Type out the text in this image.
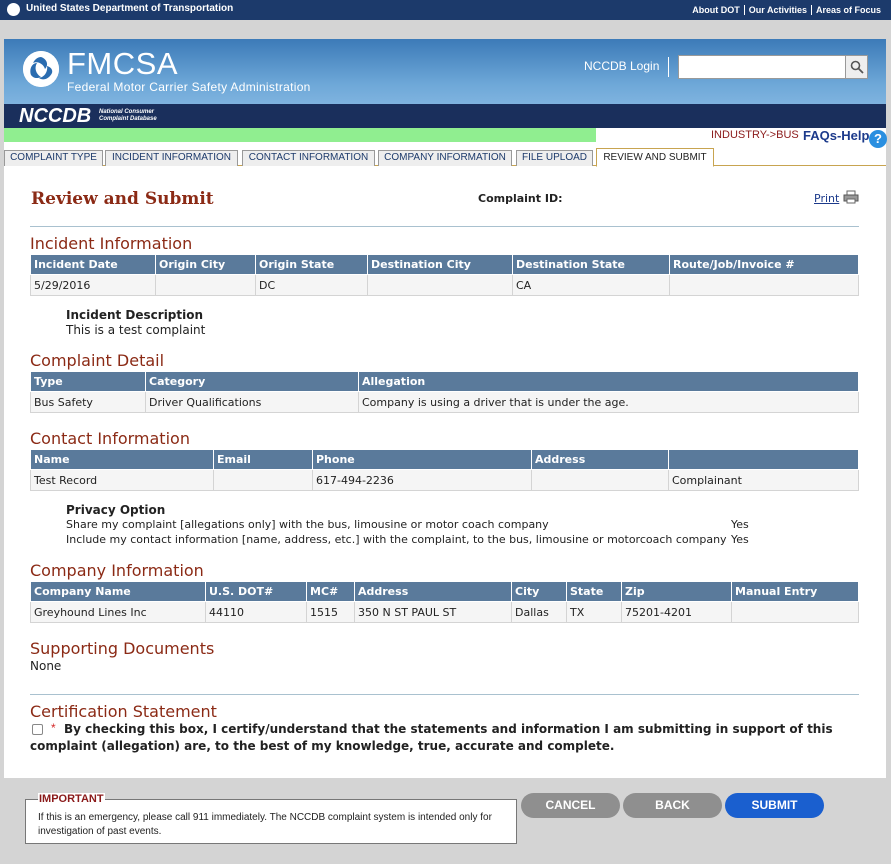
United States Department of Transportation	About DOT Our Activities Areas of Focus
FMCSA
Federal Motor Carrier Safety Administration
NCCDB Login
NCCDB National Consumer
Complaint Database
INDUSTRY->BUS FAQs-Help ?
COMPLAINT TYPE	INCIDENT INFORMATION	CONTACT INFORMATION	COMPANY INFORMATION	FILE UPLOAD	REVIEW AND SUBMIT
Review and Submit	Complaint ID:	Print
Incident Information
Incident Date	Origin City	Origin State	Destination City	Destination State	Route/Job/Invoice #
5/29/2016		DC		CA	
Incident Description
This is a test complaint
Complaint Detail
Type	Category	Allegation
Bus Safety	Driver Qualifications	Company is using a driver that is under the age.
Contact Information
Name	Email	Phone	Address	
Test Record		617-494-2236		Complainant
Privacy Option
Share my complaint [allegations only] with the bus, limousine or motor coach company	Yes
Include my contact information [name, address, etc.] with the complaint, to the bus, limousine or motorcoach company Yes
Company Information
Company Name	U.S. DOT#	MC#	Address	City	State	Zip	Manual Entry
Greyhound Lines Inc	44110	1515	350 N ST PAUL ST	Dallas	TX	75201-4201	
Supporting Documents
None
Certification Statement
By checking this box, I certify/understand that the statements and information I am submitting in support of this complaint (allegation) are, to the best of my knowledge, true, accurate and complete.
*
IMPORTANT
If this is an emergency, please call 911 immediately. The NCCDB complaint system is intended only for investigation of past events.
CANCEL	BACK	SUBMIT
